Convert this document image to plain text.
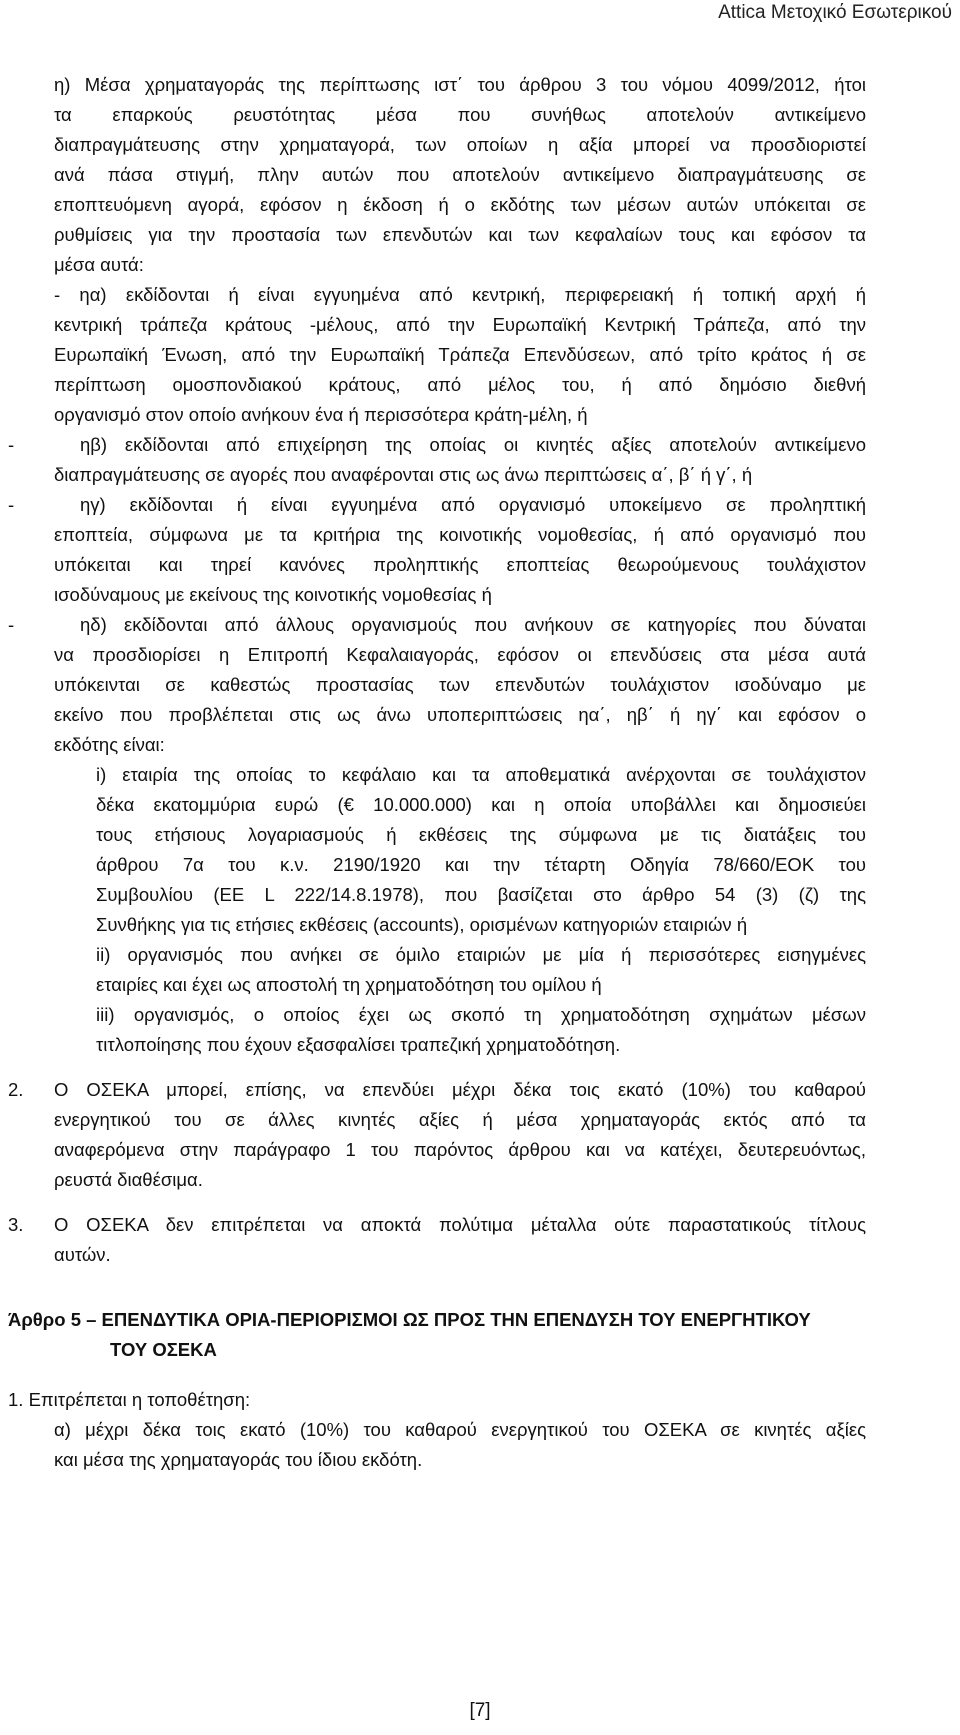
Attica Μετοχικό Εσωτερικού
η) Μέσα χρηματαγοράς της περίπτωσης ιστ΄ του άρθρου 3 του νόμου 4099/2012, ήτοι
τα επαρκούς ρευστότητας μέσα που συνήθως αποτελούν αντικείμενο
διαπραγμάτευσης στην χρηματαγορά, των οποίων η αξία μπορεί να προσδιοριστεί
ανά πάσα στιγμή, πλην αυτών που αποτελούν αντικείμενο διαπραγμάτευσης σε
εποπτευόμενη αγορά, εφόσον η έκδοση ή ο εκδότης των μέσων αυτών υπόκειται σε
ρυθμίσεις για την προστασία των επενδυτών και των κεφαλαίων τους και εφόσον τα
μέσα αυτά:
- ηα) εκδίδονται ή είναι εγγυημένα από κεντρική, περιφερειακή ή τοπική αρχή ή
κεντρική τράπεζα κράτους -μέλους, από την Ευρωπαϊκή Κεντρική Τράπεζα, από την
Ευρωπαϊκή Ένωση, από την Ευρωπαϊκή Τράπεζα Επενδύσεων, από τρίτο κράτος ή σε
περίπτωση ομοσπονδιακού κράτους, από μέλος του, ή από δημόσιο διεθνή
οργανισμό στον οποίο ανήκουν ένα ή περισσότερα κράτη-μέλη, ή
-	ηβ) εκδίδονται από επιχείρηση της οποίας οι κινητές αξίες αποτελούν αντικείμενο
διαπραγμάτευσης σε αγορές που αναφέρονται στις ως άνω περιπτώσεις α΄, β΄ ή γ΄, ή
-	ηγ) εκδίδονται ή είναι εγγυημένα από οργανισμό υποκείμενο σε προληπτική
εποπτεία, σύμφωνα με τα κριτήρια της κοινοτικής νομοθεσίας, ή από οργανισμό που
υπόκειται και τηρεί κανόνες προληπτικής εποπτείας θεωρούμενους τουλάχιστον
ισοδύναμους με εκείνους της κοινοτικής νομοθεσίας ή
-	ηδ) εκδίδονται από άλλους οργανισμούς που ανήκουν σε κατηγορίες που δύναται
να προσδιορίσει η Επιτροπή Κεφαλαιαγοράς, εφόσον οι επενδύσεις στα μέσα αυτά
υπόκεινται σε καθεστώς προστασίας των επενδυτών τουλάχιστον ισοδύναμο με
εκείνο που προβλέπεται στις ως άνω υποπεριπτώσεις ηα΄, ηβ΄ ή ηγ΄ και εφόσον ο
εκδότης είναι:
i) εταιρία της οποίας το κεφάλαιο και τα αποθεματικά ανέρχονται σε τουλάχιστον
δέκα εκατομμύρια ευρώ (€ 10.000.000) και η οποία υποβάλλει και δημοσιεύει
τους ετήσιους λογαριασμούς ή εκθέσεις της σύμφωνα με τις διατάξεις του
άρθρου 7α του κ.ν. 2190/1920 και την τέταρτη Οδηγία 78/660/ΕΟΚ του
Συμβουλίου (ΕΕ L 222/14.8.1978), που βασίζεται στο άρθρο 54 (3) (ζ) της
Συνθήκης για τις ετήσιες εκθέσεις (accounts), ορισμένων κατηγοριών εταιριών ή
ii) οργανισμός που ανήκει σε όμιλο εταιριών με μία ή περισσότερες εισηγμένες
εταιρίες και έχει ως αποστολή τη χρηματοδότηση του ομίλου ή
iii) οργανισμός, ο οποίος έχει ως σκοπό τη χρηματοδότηση σχημάτων μέσων
τιτλοποίησης που έχουν εξασφαλίσει τραπεζική χρηματοδότηση.
2. Ο ΟΣΕΚΑ μπορεί, επίσης, να επενδύει μέχρι δέκα τοις εκατό (10%) του καθαρού
ενεργητικού του σε άλλες κινητές αξίες ή μέσα χρηματαγοράς εκτός από τα
αναφερόμενα στην παράγραφο 1 του παρόντος άρθρου και να κατέχει, δευτερευόντως,
ρευστά διαθέσιμα.
3. Ο ΟΣΕΚΑ δεν επιτρέπεται να αποκτά πολύτιμα μέταλλα ούτε παραστατικούς τίτλους
αυτών.
Άρθρο 5 – ΕΠΕΝΔΥΤΙΚΑ ΟΡΙΑ-ΠΕΡΙΟΡΙΣΜΟΙ ΩΣ ΠΡΟΣ ΤΗΝ ΕΠΕΝΔΥΣΗ ΤΟΥ ΕΝΕΡΓΗΤΙΚΟΥ
ΤΟΥ ΟΣΕΚΑ
1. Επιτρέπεται η τοποθέτηση:
α) μέχρι δέκα τοις εκατό (10%) του καθαρού ενεργητικού του ΟΣΕΚΑ σε κινητές αξίες
και μέσα της χρηματαγοράς του ίδιου εκδότη.
[7]
